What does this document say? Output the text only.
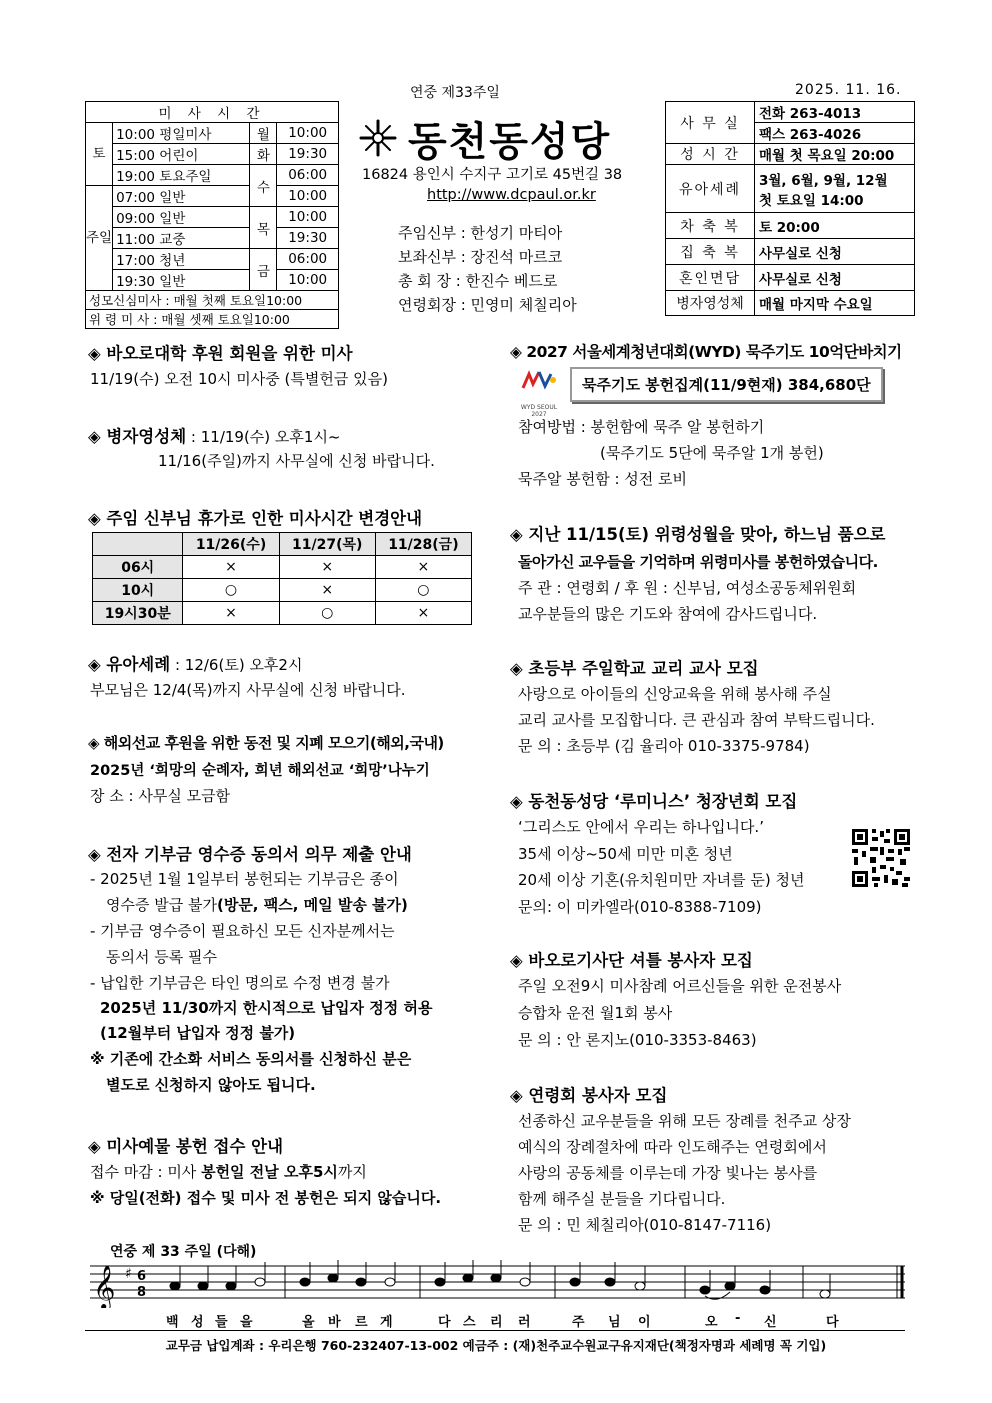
연중 제33주일	2025. 11. 16.
미 사 시 간			
토	10:00 평일미사	월	10:00
	15:00 어린이	화	19:30
	19:00 토요주일	수	06:00
주일	07:00 일반		10:00
	09:00 일반	목	10:00
	11:00 교중		19:30
	17:00 청년	금	06:00
	19:30 일반		10:00
성모신심미사 : 매월 첫째 토요일10:00			
위 령 미 사 : 매월 셋째 토요일10:00			
동천동성당
16824 용인시 수지구 고기로 45번길 38
http://www.dcpaul.or.kr
주임신부 : 한성기 마티아
보좌신부 : 장진석 마르코
총 회 장 : 한진수 베드로
연령회장 : 민영미 체칠리아
사 무 실	전화 263-4013
	팩스 263-4026
성 시 간	매월 첫 목요일 20:00
유아세례	3월, 6월, 9월, 12월
첫 토요일 14:00

차 축 복	토 20:00
집 축 복	사무실로 신청
혼인면담	사무실로 신청
병자영성체	매월 마지막 수요일
◈ 바오로대학 후원 회원을 위한 미사
11/19(수) 오전 10시 미사중 (특별헌금 있음)
◈ 병자영성체 : 11/19(수) 오후1시~
11/16(주일)까지 사무실에 신청 바랍니다.
◈ 주임 신부님 휴가로 인한 미사시간 변경안내
	11/26(수)	11/27(목)	11/28(금)
06시	×	×	×
10시	○	×	○
19시30분	×	○	×
◈ 유아세례 : 12/6(토) 오후2시
부모님은 12/4(목)까지 사무실에 신청 바랍니다.
◈ 해외선교 후원을 위한 동전 및 지폐 모으기(해외,국내)
2025년 ‘희망의 순례자, 희년 해외선교 ‘희망’나누기
장 소 : 사무실 모금함
◈ 전자 기부금 영수증 동의서 의무 제출 안내
- 2025년 1월 1일부터 봉헌되는 기부금은 종이
영수증 발급 불가(방문, 팩스, 메일 발송 불가)
- 기부금 영수증이 필요하신 모든 신자분께서는
동의서 등록 필수
- 납입한 기부금은 타인 명의로 수정 변경 불가
2025년 11/30까지 한시적으로 납입자 정정 허용
(12월부터 납입자 정정 불가)
※ 기존에 간소화 서비스 동의서를 신청하신 분은
별도로 신청하지 않아도 됩니다.
◈ 미사예물 봉헌 접수 안내
접수 마감 : 미사 봉헌일 전날 오후5시까지
※ 당일(전화) 접수 및 미사 전 봉헌은 되지 않습니다.
◈ 2027 서울세계청년대회(WYD) 묵주기도 10억단바치기
WYD SEOUL 2027
묵주기도 봉헌집계(11/9현재) 384,680단
참여방법 : 봉헌함에 묵주 알 봉헌하기
(묵주기도 5단에 묵주알 1개 봉헌)
묵주알 봉헌함 : 성전 로비
◈ 지난 11/15(토) 위령성월을 맞아, 하느님 품으로
돌아가신 교우들을 기억하며 위령미사를 봉헌하였습니다.
주 관 : 연령회 / 후 원 : 신부님, 여성소공동체위원회
교우분들의 많은 기도와 참여에 감사드립니다.
◈ 초등부 주일학교 교리 교사 모집
사랑으로 아이들의 신앙교육을 위해 봉사해 주실
교리 교사를 모집합니다. 큰 관심과 참여 부탁드립니다.
문 의 : 초등부 (김 율리아 010-3375-9784)
◈ 동천동성당 ‘루미니스’ 청장년회 모집
‘그리스도 안에서 우리는 하나입니다.’
35세 이상~50세 미만 미혼 청년
20세 이상 기혼(유치원미만 자녀를 둔) 청년
문의: 이 미카엘라(010-8388-7109)
◈ 바오로기사단 셔틀 봉사자 모집
주일 오전9시 미사참례 어르신들을 위한 운전봉사
승합차 운전 월1회 봉사
문 의 : 안 론지노(010-3353-8463)
◈ 연령회 봉사자 모집
선종하신 교우분들을 위해 모든 장례를 천주교 상장
예식의 장례절차에 따라 인도해주는 연령회에서
사랑의 공동체를 이루는데 가장 빛나는 봉사를
함께 해주실 분들을 기다립니다.
문 의 : 민 체칠리아(010-8147-7116)
연중 제 33 주일 (다해)
𝄞 ♯ 6
8
백 성 들 을	올 바 르 게	다 스 리 러	주 님 이	오 - 신	다
교무금 납입계좌 : 우리은행 760-232407-13-002 예금주 : (재)천주교수원교구유지재단(책정자명과 세례명 꼭 기입)
